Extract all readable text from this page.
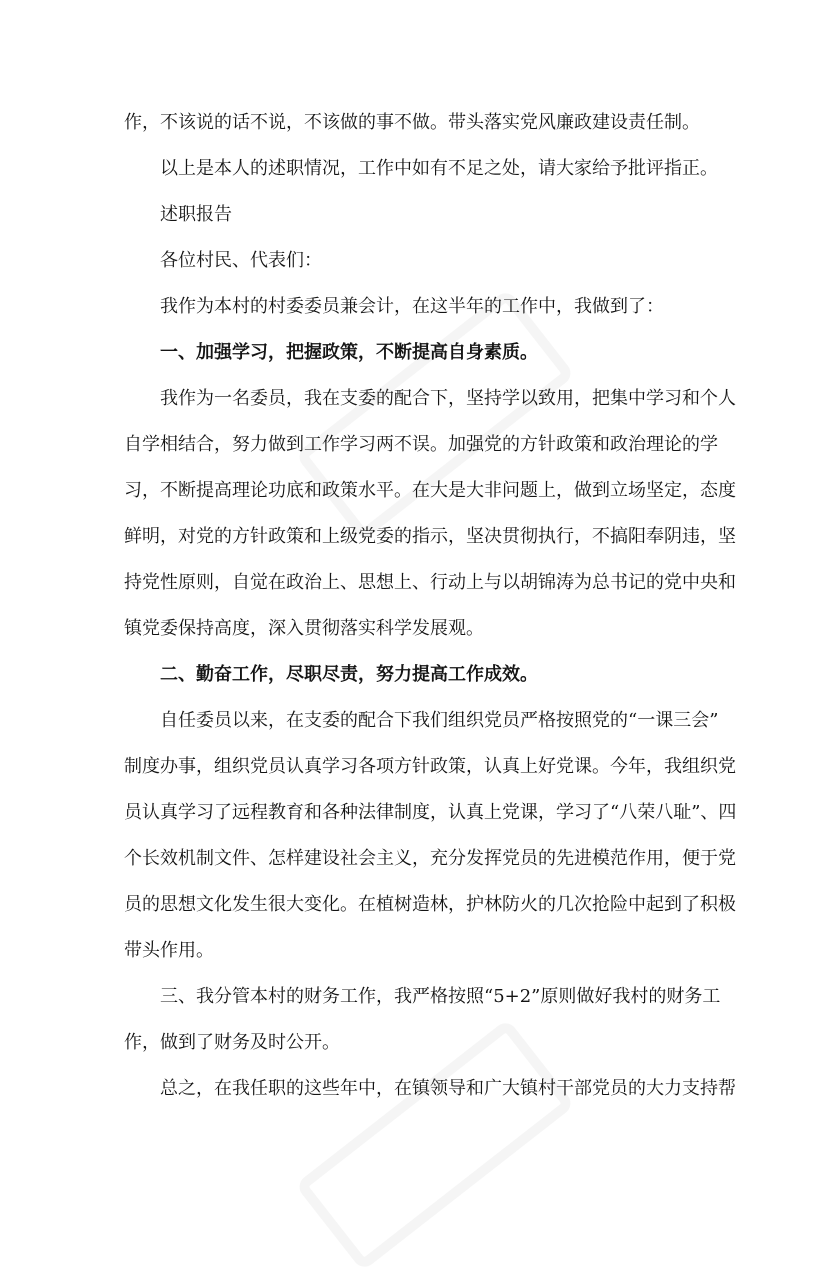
作，不该说的话不说，不该做的事不做。带头落实党风廉政建设责任制。
以上是本人的述职情况，工作中如有不足之处，请大家给予批评指正。
述职报告
各位村民、代表们：
我作为本村的村委委员兼会计，在这半年的工作中，我做到了：
一、加强学习，把握政策，不断提高自身素质。
我作为一名委员，我在支委的配合下，坚持学以致用，把集中学习和个人
自学相结合，努力做到工作学习两不误。加强党的方针政策和政治理论的学
习，不断提高理论功底和政策水平。在大是大非问题上，做到立场坚定，态度
鲜明，对党的方针政策和上级党委的指示，坚决贯彻执行，不搞阳奉阴违，坚
持党性原则，自觉在政治上、思想上、行动上与以胡锦涛为总书记的党中央和
镇党委保持高度，深入贯彻落实科学发展观。
二、勤奋工作，尽职尽责，努力提高工作成效。
自任委员以来，在支委的配合下我们组织党员严格按照党的“一课三会”
制度办事，组织党员认真学习各项方针政策，认真上好党课。今年，我组织党
员认真学习了远程教育和各种法律制度，认真上党课，学习了“八荣八耻”、四
个长效机制文件、怎样建设社会主义，充分发挥党员的先进模范作用，便于党
员的思想文化发生很大变化。在植树造林，护林防火的几次抢险中起到了积极
带头作用。
三、我分管本村的财务工作，我严格按照“5+2”原则做好我村的财务工
作，做到了财务及时公开。
总之，在我任职的这些年中，在镇领导和广大镇村干部党员的大力支持帮
